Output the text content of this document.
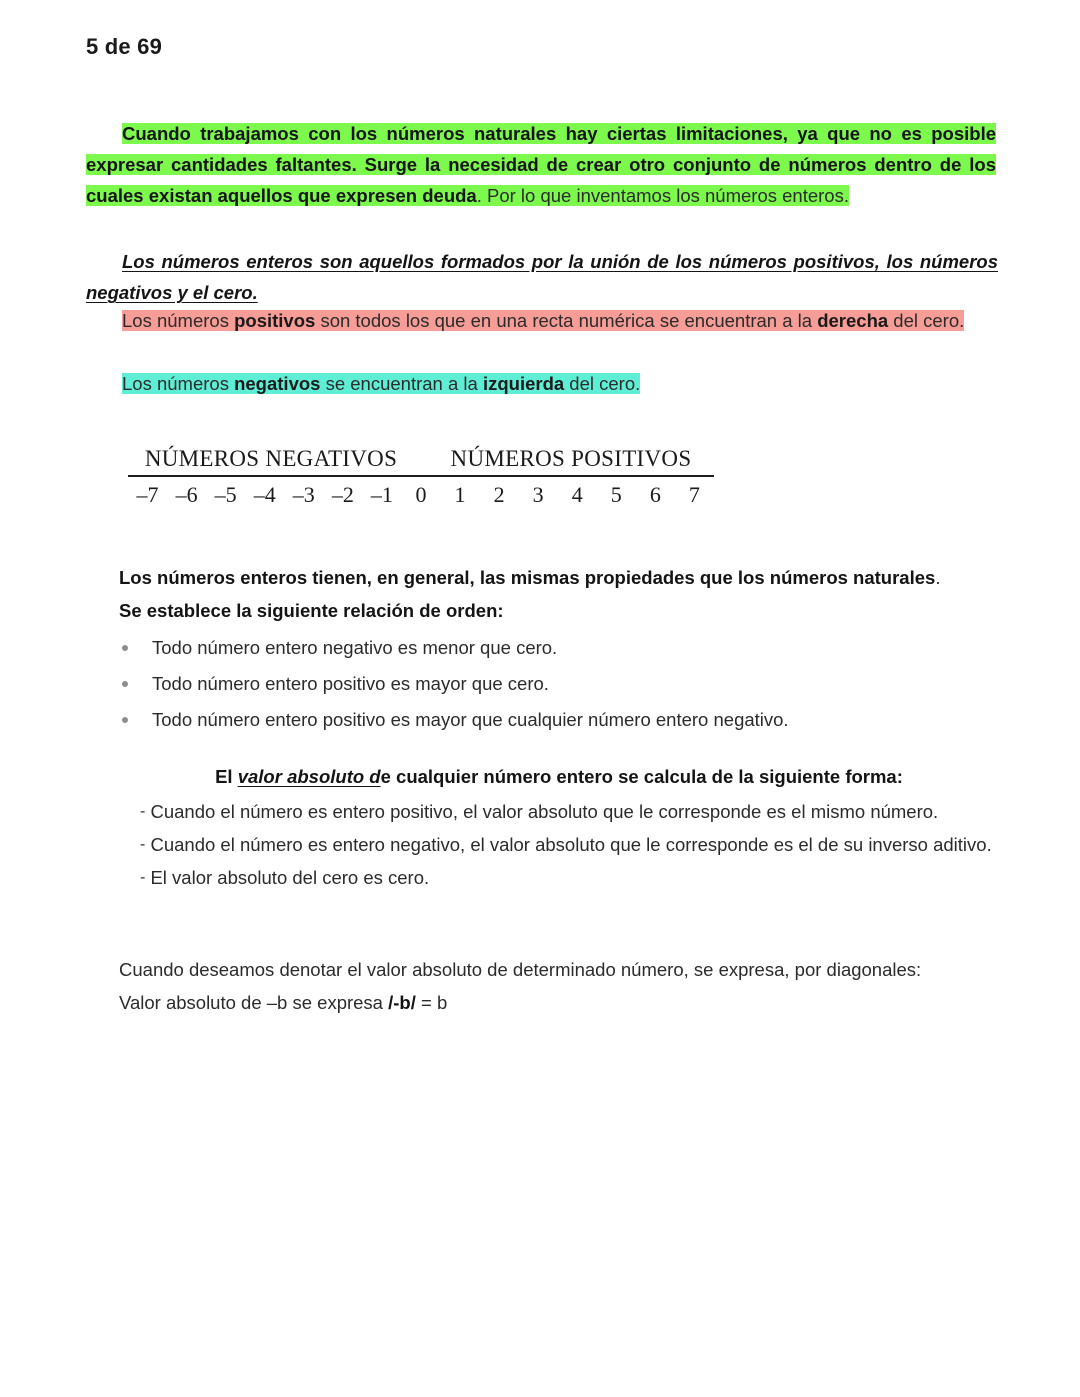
5 de 69
Cuando trabajamos con los números naturales hay ciertas limitaciones, ya que no es posible expresar cantidades faltantes. Surge la necesidad de crear otro conjunto de números dentro de los cuales existan aquellos que expresen deuda. Por lo que inventamos los números enteros.
Los números enteros son aquellos formados por la unión de los números positivos, los números negativos y el cero.
Los números positivos son todos los que en una recta numérica se encuentran a la derecha del cero.
Los números negativos se encuentran a la izquierda del cero.
NÚMEROS NEGATIVOS	NÚMEROS POSITIVOS
–7 –6 –5 –4 –3 –2 –1	0	1	2	3	4	5	6	7
Los números enteros tienen, en general, las mismas propiedades que los números naturales.
Se establece la siguiente relación de orden:
Todo número entero negativo es menor que cero.
Todo número entero positivo es mayor que cero.
Todo número entero positivo es mayor que cualquier número entero negativo.
El valor absoluto de cualquier número entero se calcula de la siguiente forma:
- Cuando el número es entero positivo, el valor absoluto que le corresponde es el mismo número.
- Cuando el número es entero negativo, el valor absoluto que le corresponde es el de su inverso aditivo.
- El valor absoluto del cero es cero.
Cuando deseamos denotar el valor absoluto de determinado número, se expresa, por diagonales:
Valor absoluto de –b se expresa /-b/ = b
